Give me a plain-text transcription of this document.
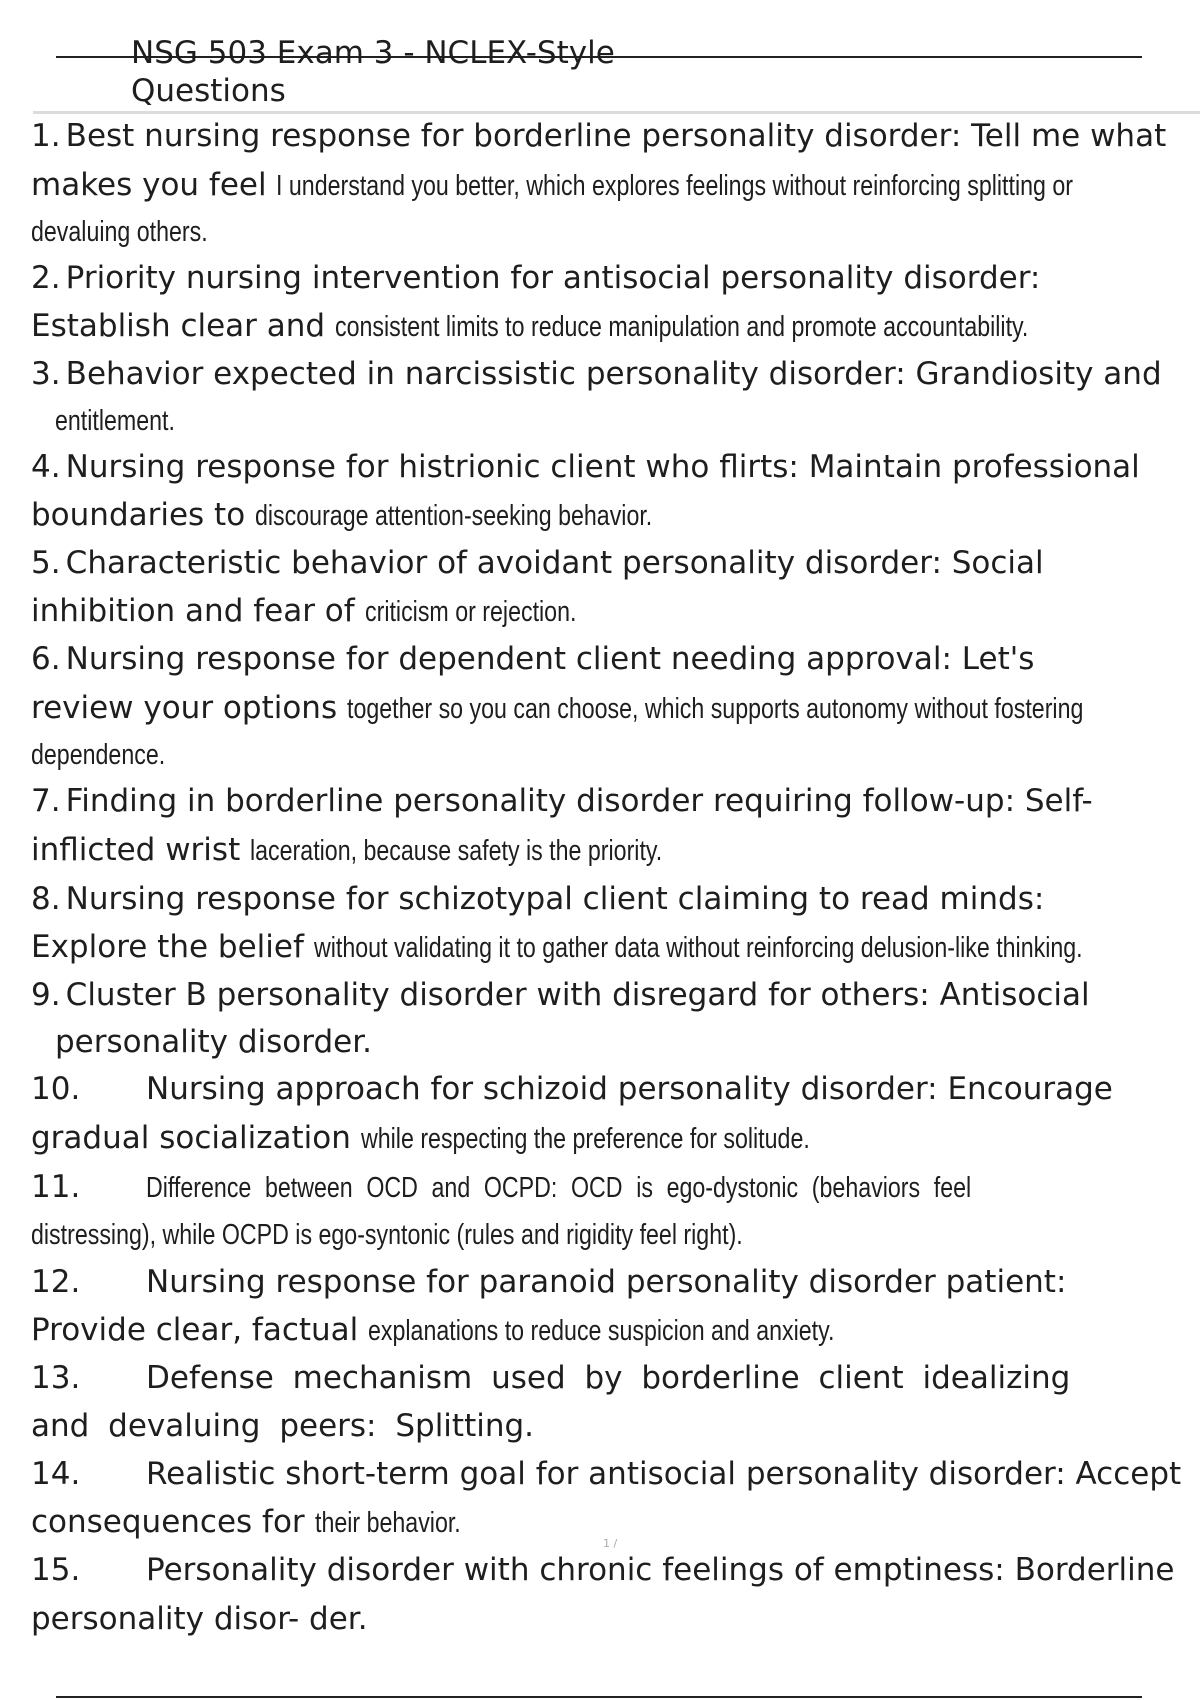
NSG 503 Exam 3 - NCLEX-Style
Questions
1. Best nursing response for borderline personality disorder: Tell me what
makes you feel I understand you better, which explores feelings without reinforcing splitting or
devaluing others.
2. Priority nursing intervention for antisocial personality disorder:
Establish clear and consistent limits to reduce manipulation and promote accountability.
3. Behavior expected in narcissistic personality disorder: Grandiosity and
entitlement.
4. Nursing response for histrionic client who flirts: Maintain professional
boundaries to discourage attention-seeking behavior.
5. Characteristic behavior of avoidant personality disorder: Social
inhibition and fear of criticism or rejection.
6. Nursing response for dependent client needing approval: Let's
review your options together so you can choose, which supports autonomy without fostering
dependence.
7. Finding in borderline personality disorder requiring follow-up: Self-
inflicted wrist laceration, because safety is the priority.
8. Nursing response for schizotypal client claiming to read minds:
Explore the belief without validating it to gather data without reinforcing delusion-like thinking.
9. Cluster B personality disorder with disregard for others: Antisocial
personality disorder.
10. Nursing approach for schizoid personality disorder: Encourage
gradual socialization while respecting the preference for solitude.
11. Difference between OCD and OCPD: OCD is ego-dystonic (behaviors feel
distressing), while OCPD is ego-syntonic (rules and rigidity feel right).
12. Nursing response for paranoid personality disorder patient:
Provide clear, factual explanations to reduce suspicion and anxiety.
13. Defense mechanism used by borderline client idealizing
and devaluing peers: Splitting.
14. Realistic short-term goal for antisocial personality disorder: Accept
consequences for their behavior.
15. Personality disorder with chronic feelings of emptiness: Borderline
personality disor- der.
1 /
